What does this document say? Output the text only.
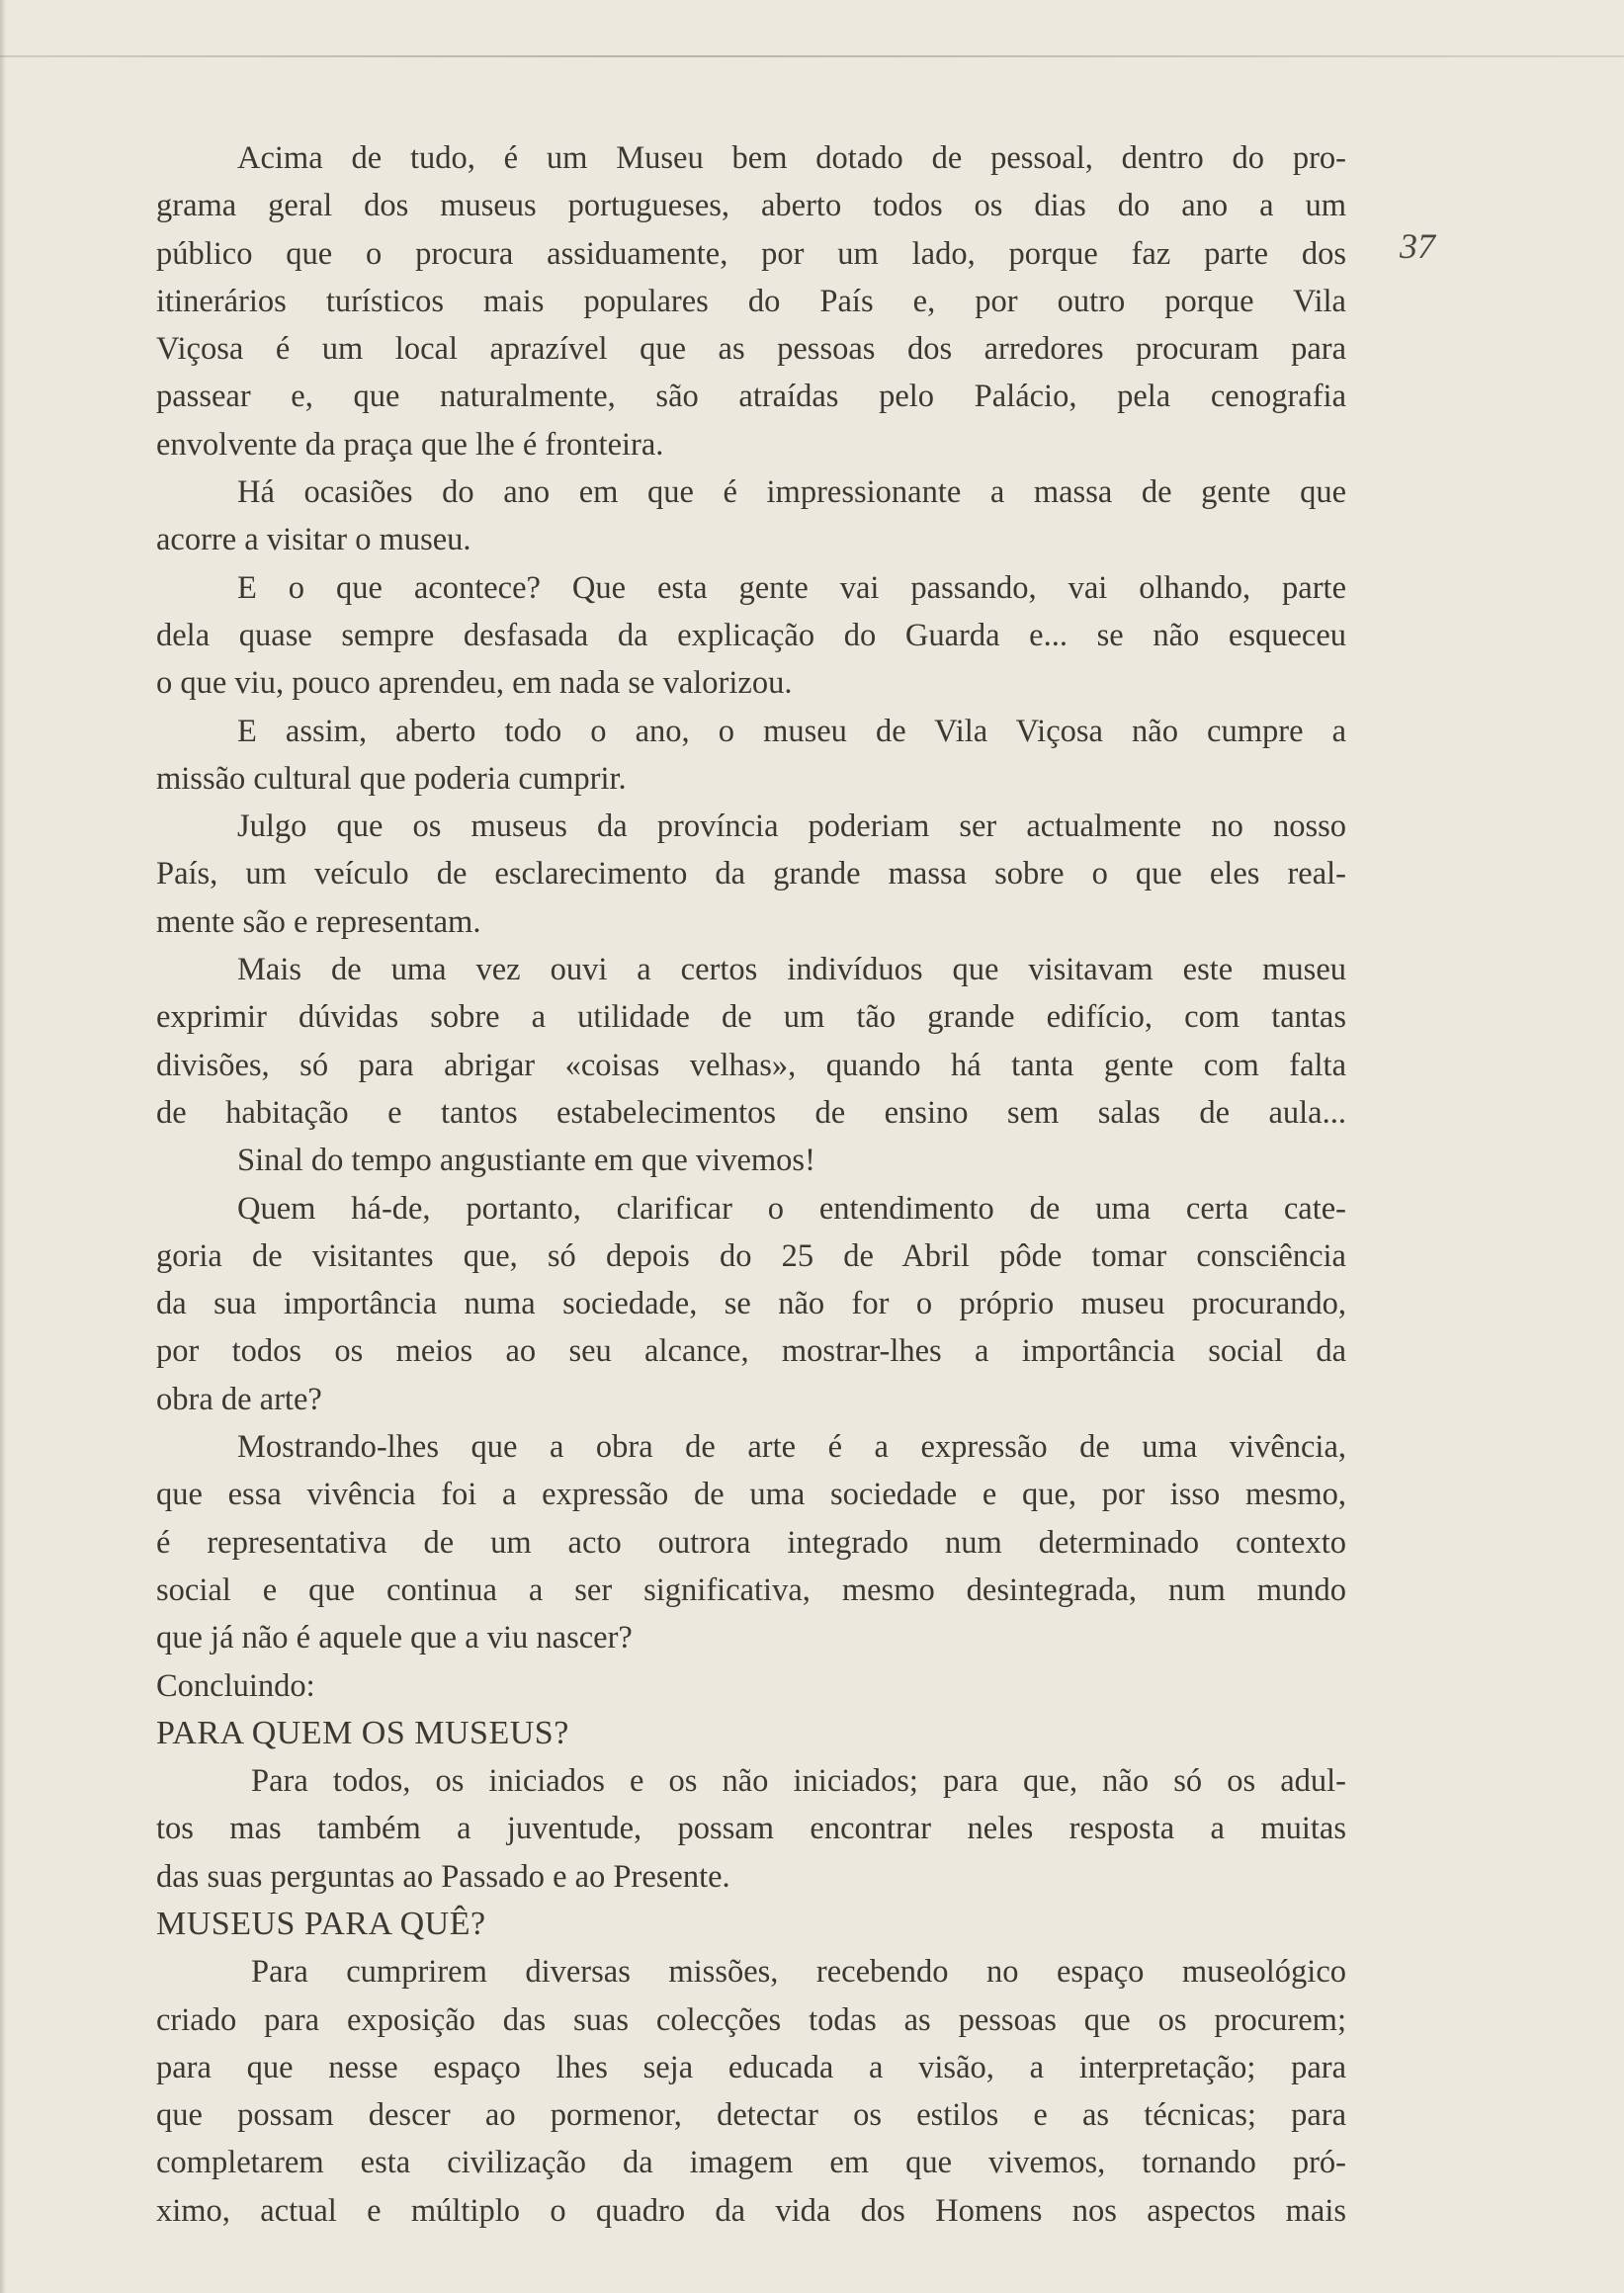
37
Acima de tudo, é um Museu bem dotado de pessoal, dentro do pro-
grama geral dos museus portugueses, aberto todos os dias do ano a um
público que o procura assiduamente, por um lado, porque faz parte dos
itinerários turísticos mais populares do País e, por outro porque Vila
Viçosa é um local aprazível que as pessoas dos arredores procuram para
passear e, que naturalmente, são atraídas pelo Palácio, pela cenografia
envolvente da praça que lhe é fronteira.
Há ocasiões do ano em que é impressionante a massa de gente que
acorre a visitar o museu.
E o que acontece? Que esta gente vai passando, vai olhando, parte
dela quase sempre desfasada da explicação do Guarda e... se não esqueceu
o que viu, pouco aprendeu, em nada se valorizou.
E assim, aberto todo o ano, o museu de Vila Viçosa não cumpre a
missão cultural que poderia cumprir.
Julgo que os museus da província poderiam ser actualmente no nosso
País, um veículo de esclarecimento da grande massa sobre o que eles real-
mente são e representam.
Mais de uma vez ouvi a certos indivíduos que visitavam este museu
exprimir dúvidas sobre a utilidade de um tão grande edifício, com tantas
divisões, só para abrigar «coisas velhas», quando há tanta gente com falta
de habitação e tantos estabelecimentos de ensino sem salas de aula...
Sinal do tempo angustiante em que vivemos!
Quem há-de, portanto, clarificar o entendimento de uma certa cate-
goria de visitantes que, só depois do 25 de Abril pôde tomar consciência
da sua importância numa sociedade, se não for o próprio museu procurando,
por todos os meios ao seu alcance, mostrar-lhes a importância social da
obra de arte?
Mostrando-lhes que a obra de arte é a expressão de uma vivência,
que essa vivência foi a expressão de uma sociedade e que, por isso mesmo,
é representativa de um acto outrora integrado num determinado contexto
social e que continua a ser significativa, mesmo desintegrada, num mundo
que já não é aquele que a viu nascer?
Concluindo:
PARA QUEM OS MUSEUS?
Para todos, os iniciados e os não iniciados; para que, não só os adul-
tos mas também a juventude, possam encontrar neles resposta a muitas
das suas perguntas ao Passado e ao Presente.
MUSEUS PARA QUÊ?
Para cumprirem diversas missões, recebendo no espaço museológico
criado para exposição das suas colecções todas as pessoas que os procurem;
para que nesse espaço lhes seja educada a visão, a interpretação; para
que possam descer ao pormenor, detectar os estilos e as técnicas; para
completarem esta civilização da imagem em que vivemos, tornando pró-
ximo, actual e múltiplo o quadro da vida dos Homens nos aspectos mais
